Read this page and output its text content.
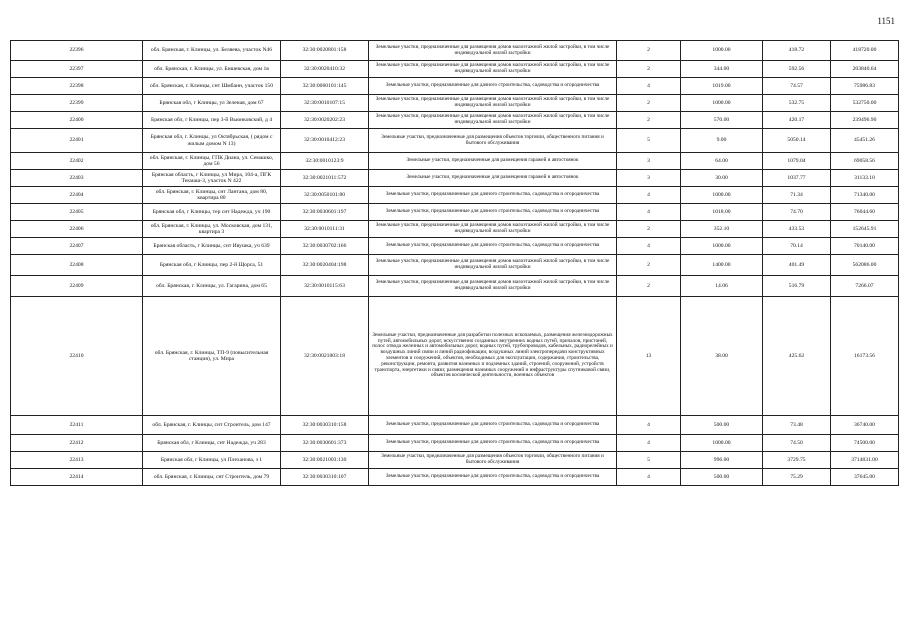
1151
22396	обл. Брянская, г. Клинцы, ул. Беляева, участок N46	32:30:0020801:158	Земельные участки, предназначенные для размещения домов малоэтажной жилой застройки, в том числе индивидуальной жилой застройки	2	1000.00	418.72	418720.00
22397	обл. Брянская, г. Клинцы, ул. Бишевская, дом 1в	32:30:0020410:32	Земельные участки, предназначенные для размещения домов малоэтажной жилой застройки, в том числе индивидуальной жилой застройки	2	344.00	592.56	203840.64
22398	обл. Брянская, г. Клинцы, снт Шмбаин, участок 150	32:30:0060101:145	Земельные участки, предназначенные для дачного строительства, садоводства и огородничества	4	1019.00	74.57	75986.83
22399	Брянская обл, г Клинцы, ул Зеленая, дом 67	32:30:0010107:15	Земельные участки, предназначенные для размещения домов малоэтажной жилой застройки, в том числе индивидуальной жилой застройки	2	1000.00	532.75	532750.00
22400	Брянская обл, г Клинцы, пер 3-й Вьюнковский, д 4	32:30:0020202:23	Земельные участки, предназначенные для размещения домов малоэтажной жилой застройки, в том числе индивидуальной жилой застройки	2	570.00	420.17	239496.90
22401	Брянская обл, г. Клинцы, ул Октябрьская, ( рядом с жилым домом N 13)	32:30:0010412:23	Земельные участки, предназначенные для размещения объектов торговли, общественного питания и бытового обслуживания	5	9.00	5050.14	45451.26
22402	обл. Брянская, г. Клинцы, ГПК Диана, ул. Семашко, дом 56	32:30:0010123:9	Земельные участки, предназначенные для размещения гаражей и автостоянок	3	64.00	1079.04	69058.56
22403	Брянская область, г Клинцы, ул Мира, 104-а, ПГК Текмаш-3, участок N 422	32:30:0021011:572	Земельные участки, предназначенные для размещения гаражей и автостоянок	3	30.00	1037.77	31133.10
22404	обл. Брянская, г. Клинцы, снт Лантана, дом 80, квартира 80	32:30:0050101:80	Земельные участки, предназначенные для дачного строительства, садоводства и огородничества	4	1000.00	71.34	71340.00
22405	Брянская обл, г Клинцы, тер снт Надежда, уч 190	32:30:0030601:197	Земельные участки, предназначенные для дачного строительства, садоводства и огородничества	4	1018.00	74.70	76044.60
22406	обл. Брянская, г. Клинцы, ул. Московская, дом 131, квартира 3	32:30:0010111:31	Земельные участки, предназначенные для размещения домов малоэтажной жилой застройки, в том числе индивидуальной жилой застройки	2	352.10	433.53	152645.91
22407	Брянская область, г Клинцы, снт Ивушка, уч 639	32:30:0030702:166	Земельные участки, предназначенные для дачного строительства, садоводства и огородничества	4	1000.00	70.14	70140.00
22408	Брянская обл, г Клинцы, пер 2-й Щорса, 51	32:30:0020404:198	Земельные участки, предназначенные для размещения домов малоэтажной жилой застройки, в том числе индивидуальной жилой застройки	2	1400.00	401.49	562086.00
22409	обл. Брянская, г. Клинцы, ул. Гагарина, дом 65	32:30:0010115:63	Земельные участки, предназначенные для размещения домов малоэтажной жилой застройки, в том числе индивидуальной жилой застройки	2	14.06	516.79	7266.07
22410	обл. Брянская, г. Клинцы, ТП-9 (повысительная станция), ул. Мира	32:30:0021003:18	Земельные участки, предназначенные для разработки полезных ископаемых, размещения железнодорожных путей, автомобильных дорог, искусственно созданных внутренних водных путей, причалов, пристаней, полос отвода железных и автомобильных дорог, водных путей, трубопроводов, кабельных, радиорелейных и воздушных линий связи и линий радиофикации, воздушных линий электропередачи конструктивных элементов и сооружений, объектов, необходимых для эксплуатации, содержания, строительства, реконструкции, ремонта, развития наземных и подземных зданий, строений, сооружений, устройств транспорта, энергетики и связи; размещения наземных сооружений и инфраструктуры спутниковой связи, объектов космической деятельности, военных объектов	13	38.00	425.62	16173.56
22411	обл. Брянская, г. Клинцы, снт Строитель, дом 147	32:30:0030310:158	Земельные участки, предназначенные для дачного строительства, садоводства и огородничества	4	500.00	73.48	36740.00
22412	Брянская обл, г Клинцы, снт Надежда, уч 283	32:30:0030601:373	Земельные участки, предназначенные для дачного строительства, садоводства и огородничества	4	1000.00	74.50	74500.00
22413	Брянская обл, г Клинцы, ул Плеханова, з 1	32:30:0021003:130	Земельные участки, предназначенные для размещения объектов торговли, общественного питания и бытового обслуживания	5	996.00	3729.75	3714831.00
22414	обл. Брянская, г. Клинцы, снт Строитель, дом 79	32:30:0030310:107	Земельные участки, предназначенные для дачного строительства, садоводства и огородничества	4	500.00	75.29	37645.00
